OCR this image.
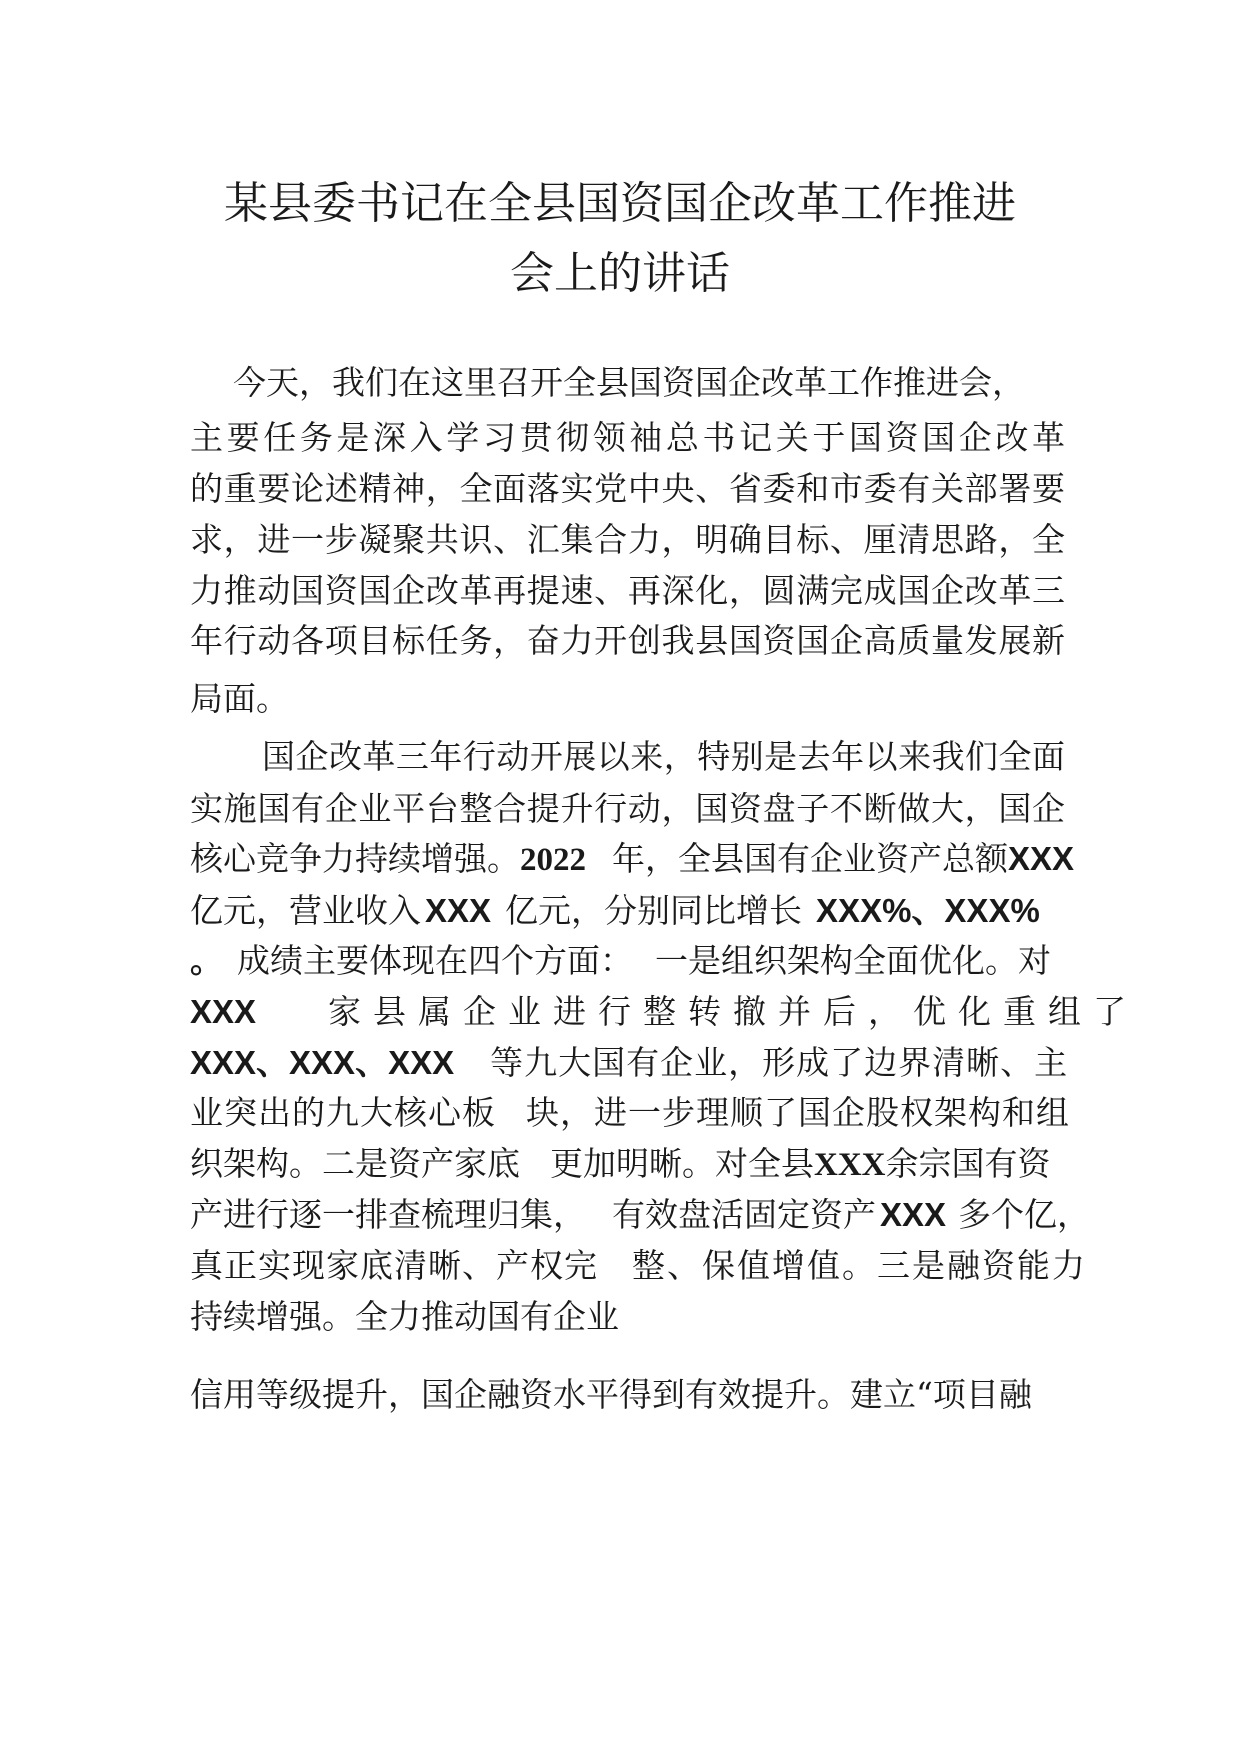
某县委书记在全县国资国企改革工作推进
会上的讲话
今天，我们在这里召开全县国资国企改革工作推进会，
主要任务是深入学习贯彻领袖总书记关于国资国企改革
的重要论述精神，全面落实党中央、省委和市委有关部署要
求，进一步凝聚共识、汇集合力，明确目标、厘清思路，全
力推动国资国企改革再提速、再深化，圆满完成国企改革三
年行动各项目标任务，奋力开创我县国资国企高质量发展新
局面。
国企改革三年行动开展以来，特别是去年以来我们全面
实施国有企业平台整合提升行动，国资盘子不断做大，国企
核心竞争力持续增强。2022 年，全县国有企业资产总额XXX
亿元，营业收入 XXX 亿元，分别同比增长 XXX%、XXX%
。 成绩主要体现在四个方面： 一是组织架构全面优化。对
XXX 家县属企业进行整转撤并后，优化重组了
XXX、XXX、XXX 等九大国有企业，形成了边界清晰、主
业突出的九大核心板 块，进一步理顺了国企股权架构和组
织架构。二是资产家底 更加明晰。对全县XXX余宗国有资
产进行逐一排查梳理归集， 有效盘活固定资产 XXX 多个亿，
真正实现家底清晰、产权完 整、保值增值。三是融资能力
持续增强。全力推动国有企业
信用等级提升，国企融资水平得到有效提升。建立“项目融
